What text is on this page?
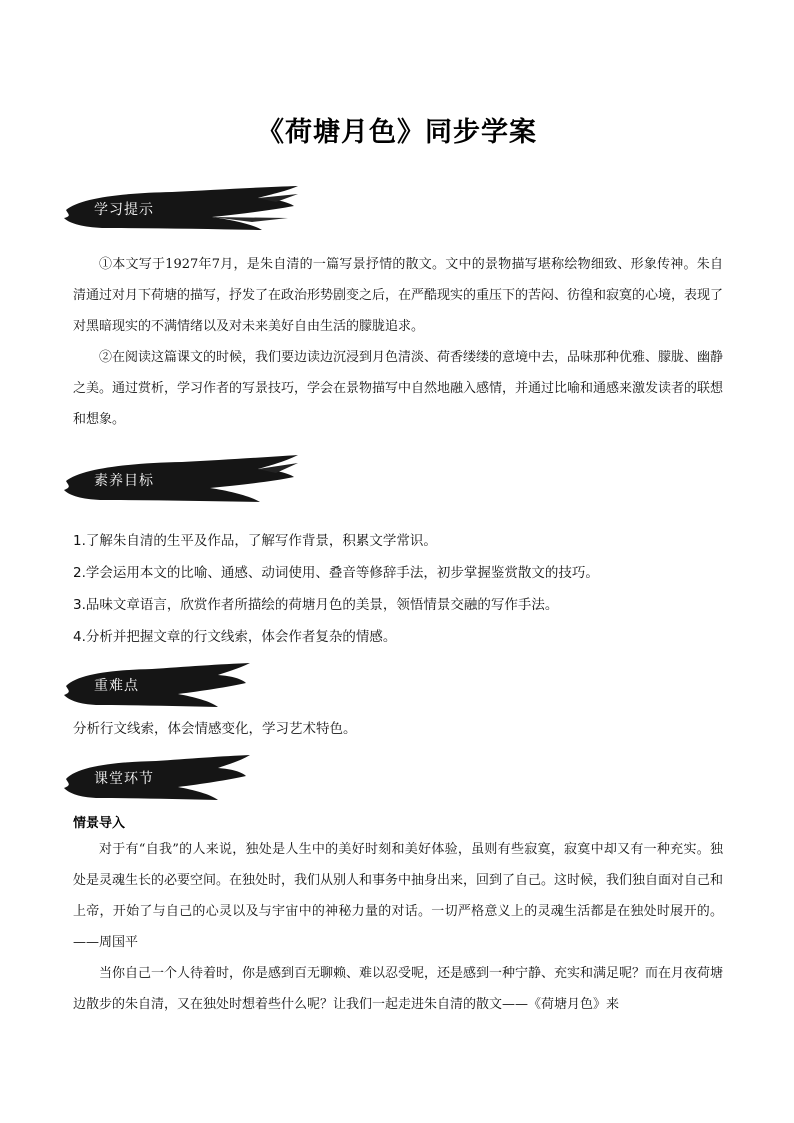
《荷塘月色》同步学案
学习提示

①本文写于1927年7月，是朱自清的一篇写景抒情的散文。文中的景物描写堪称绘物细致、形象传神。朱自清通过对月下荷塘的描写，抒发了在政治形势剧变之后，在严酷现实的重压下的苦闷、彷徨和寂寞的心境，表现了对黑暗现实的不满情绪以及对未来美好自由生活的朦胧追求。

②在阅读这篇课文的时候，我们要边读边沉浸到月色清淡、荷香缕缕的意境中去，品味那种优雅、朦胧、幽静之美。通过赏析，学习作者的写景技巧，学会在景物描写中自然地融入感情，并通过比喻和通感来激发读者的联想和想象。

素养目标

1.了解朱自清的生平及作品，了解写作背景，积累文学常识。

2.学会运用本文的比喻、通感、动词使用、叠音等修辞手法，初步掌握鉴赏散文的技巧。

3.品味文章语言，欣赏作者所描绘的荷塘月色的美景，领悟情景交融的写作手法。

4.分析并把握文章的行文线索，体会作者复杂的情感。

重难点

分析行文线索，体会情感变化，学习艺术特色。

课堂环节

情景导入

对于有“自我”的人来说，独处是人生中的美好时刻和美好体验，虽则有些寂寞，寂寞中却又有一种充实。独处是灵魂生长的必要空间。在独处时，我们从别人和事务中抽身出来，回到了自己。这时候，我们独自面对自己和上帝，开始了与自己的心灵以及与宇宙中的神秘力量的对话。一切严格意义上的灵魂生活都是在独处时展开的。——周国平

当你自己一个人待着时，你是感到百无聊赖、难以忍受呢，还是感到一种宁静、充实和满足呢？而在月夜荷塘边散步的朱自清，又在独处时想着些什么呢？让我们一起走进朱自清的散文——《荷塘月色》来
